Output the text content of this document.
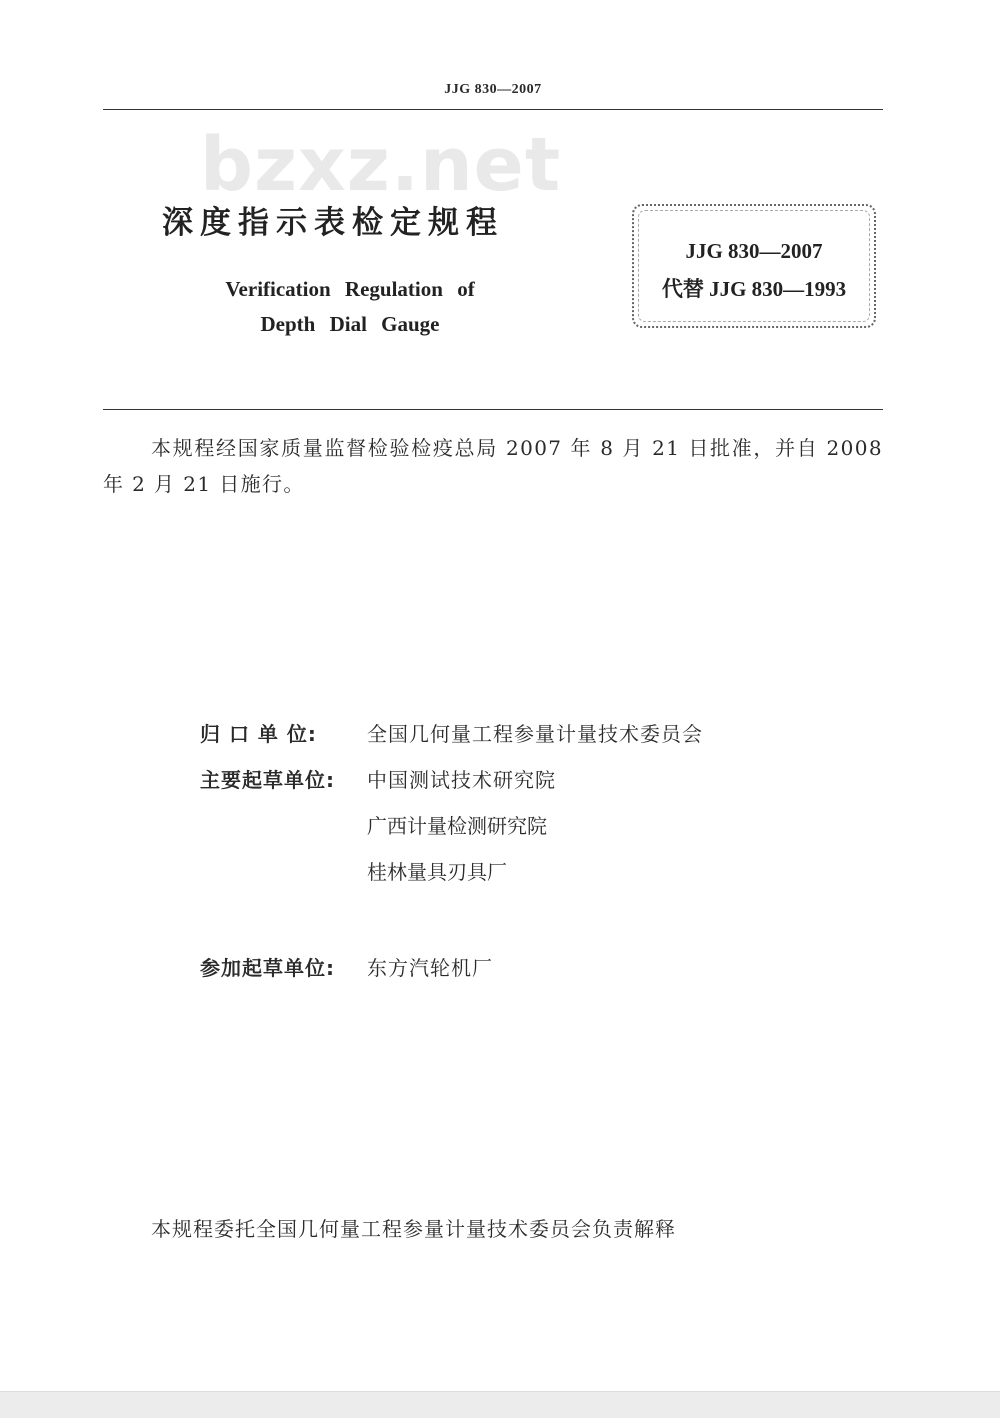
JJG 830—2007
bzxz.net
深度指示表检定规程
Verification Regulation of
Depth Dial Gauge
JJG 830—2007
代替 JJG 830—1993
本规程经国家质量监督检验检疫总局 2007 年 8 月 21 日批准，并自 2008 年 2 月 21 日施行。
归 口 单 位:	全国几何量工程参量计量技术委员会
主要起草单位: 中国测试技术研究院
广西计量检测研究院
桂林量具刃具厂
参加起草单位: 东方汽轮机厂
本规程委托全国几何量工程参量计量技术委员会负责解释
